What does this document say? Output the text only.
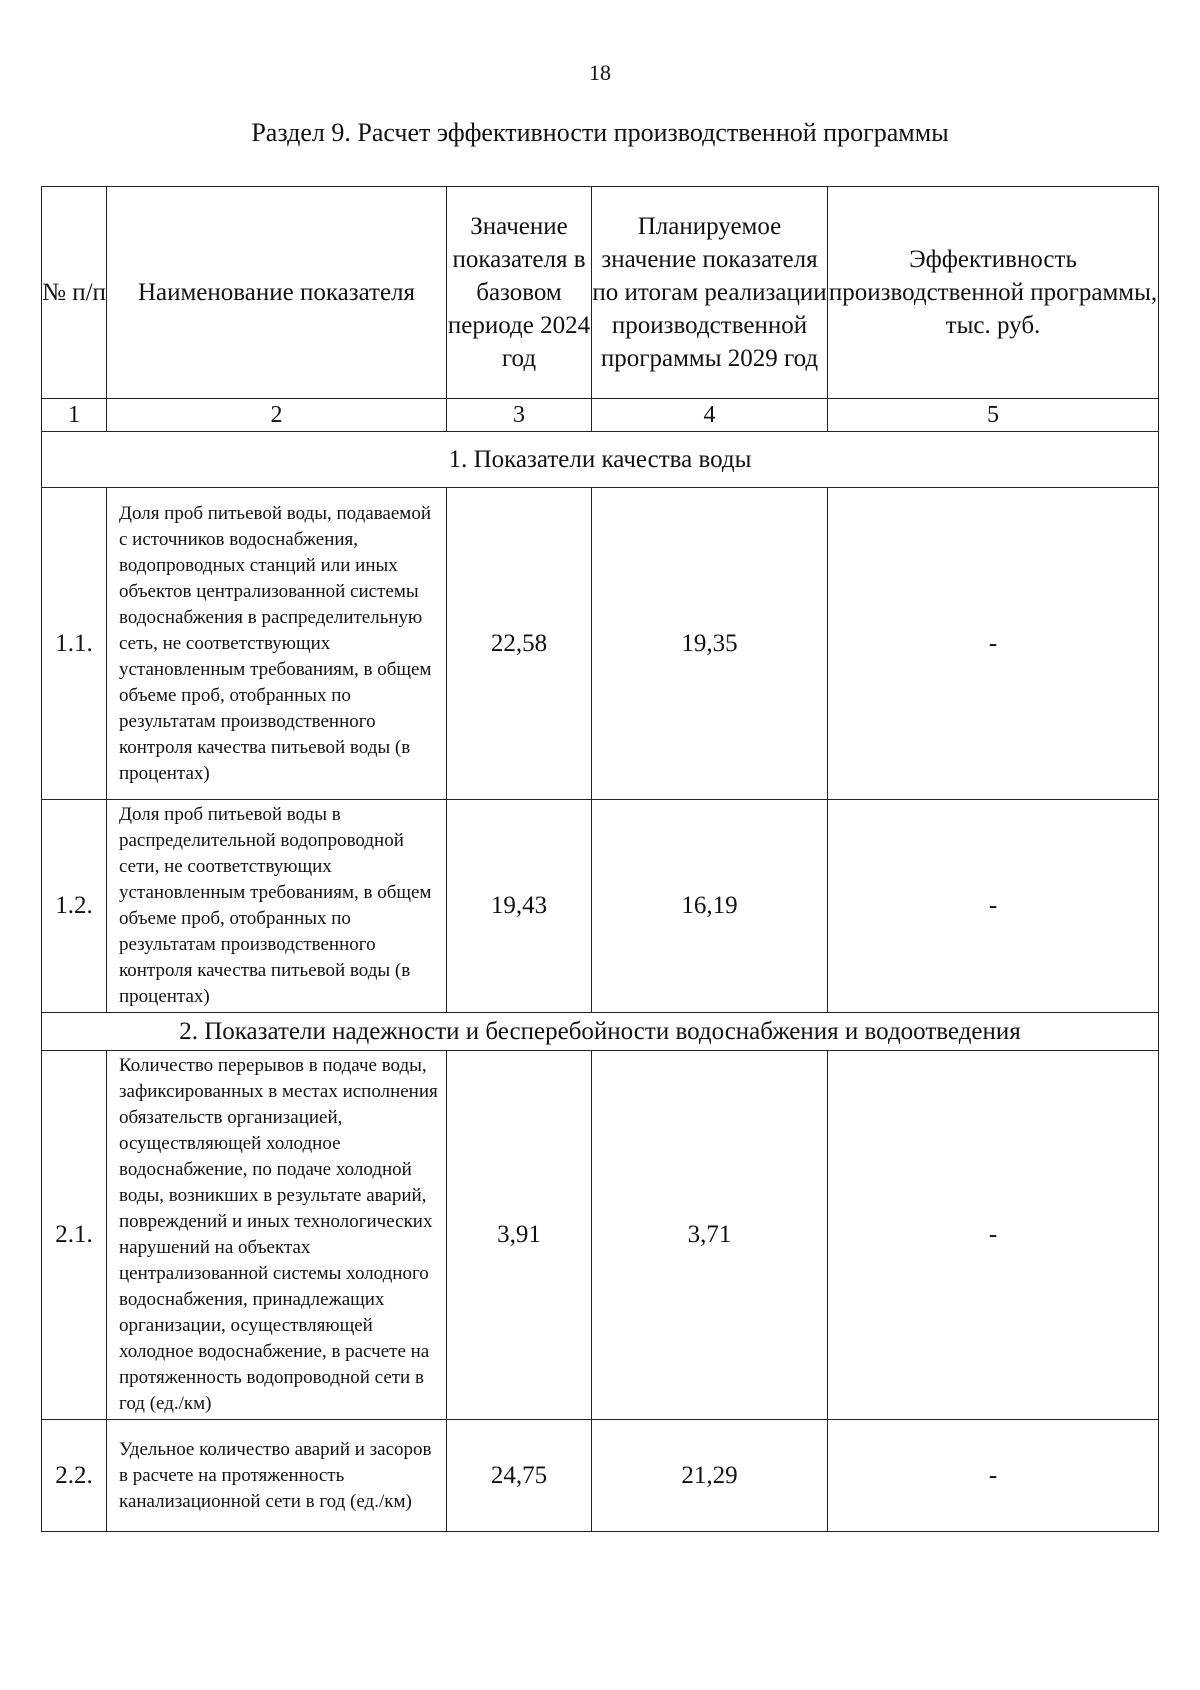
18
Раздел 9. Расчет эффективности производственной программы
№ п/п	Наименование показателя	Значение показателя в базовом периоде 2024 год	Планируемое значение показателя по итогам реализации производственной программы 2029 год	Эффективность производственной программы, тыс. руб.
1	2	3	4	5
1. Показатели качества воды				
1.1.	Доля проб питьевой воды, подаваемой с источников водоснабжения, водопроводных станций или иных объектов централизованной системы водоснабжения в распределительную сеть, не соответствующих установленным требованиям, в общем объеме проб, отобранных по результатам производственного контроля качества питьевой воды (в процентах)	22,58	19,35	-
1.2.	Доля проб питьевой воды в распределительной водопроводной сети, не соответствующих установленным требованиям, в общем объеме проб, отобранных по результатам производственного контроля качества питьевой воды (в процентах)	19,43	16,19	-
2. Показатели надежности и бесперебойности водоснабжения и водоотведения				
2.1.	Количество перерывов в подаче воды, зафиксированных в местах исполнения обязательств организацией, осуществляющей холодное водоснабжение, по подаче холодной воды, возникших в результате аварий, повреждений и иных технологических нарушений на объектах централизованной системы холодного водоснабжения, принадлежащих организации, осуществляющей холодное водоснабжение, в расчете на протяженность водопроводной сети в год (ед./км)	3,91	3,71	-
2.2.	Удельное количество аварий и засоров в расчете на протяженность канализационной сети в год (ед./км)	24,75	21,29	-
